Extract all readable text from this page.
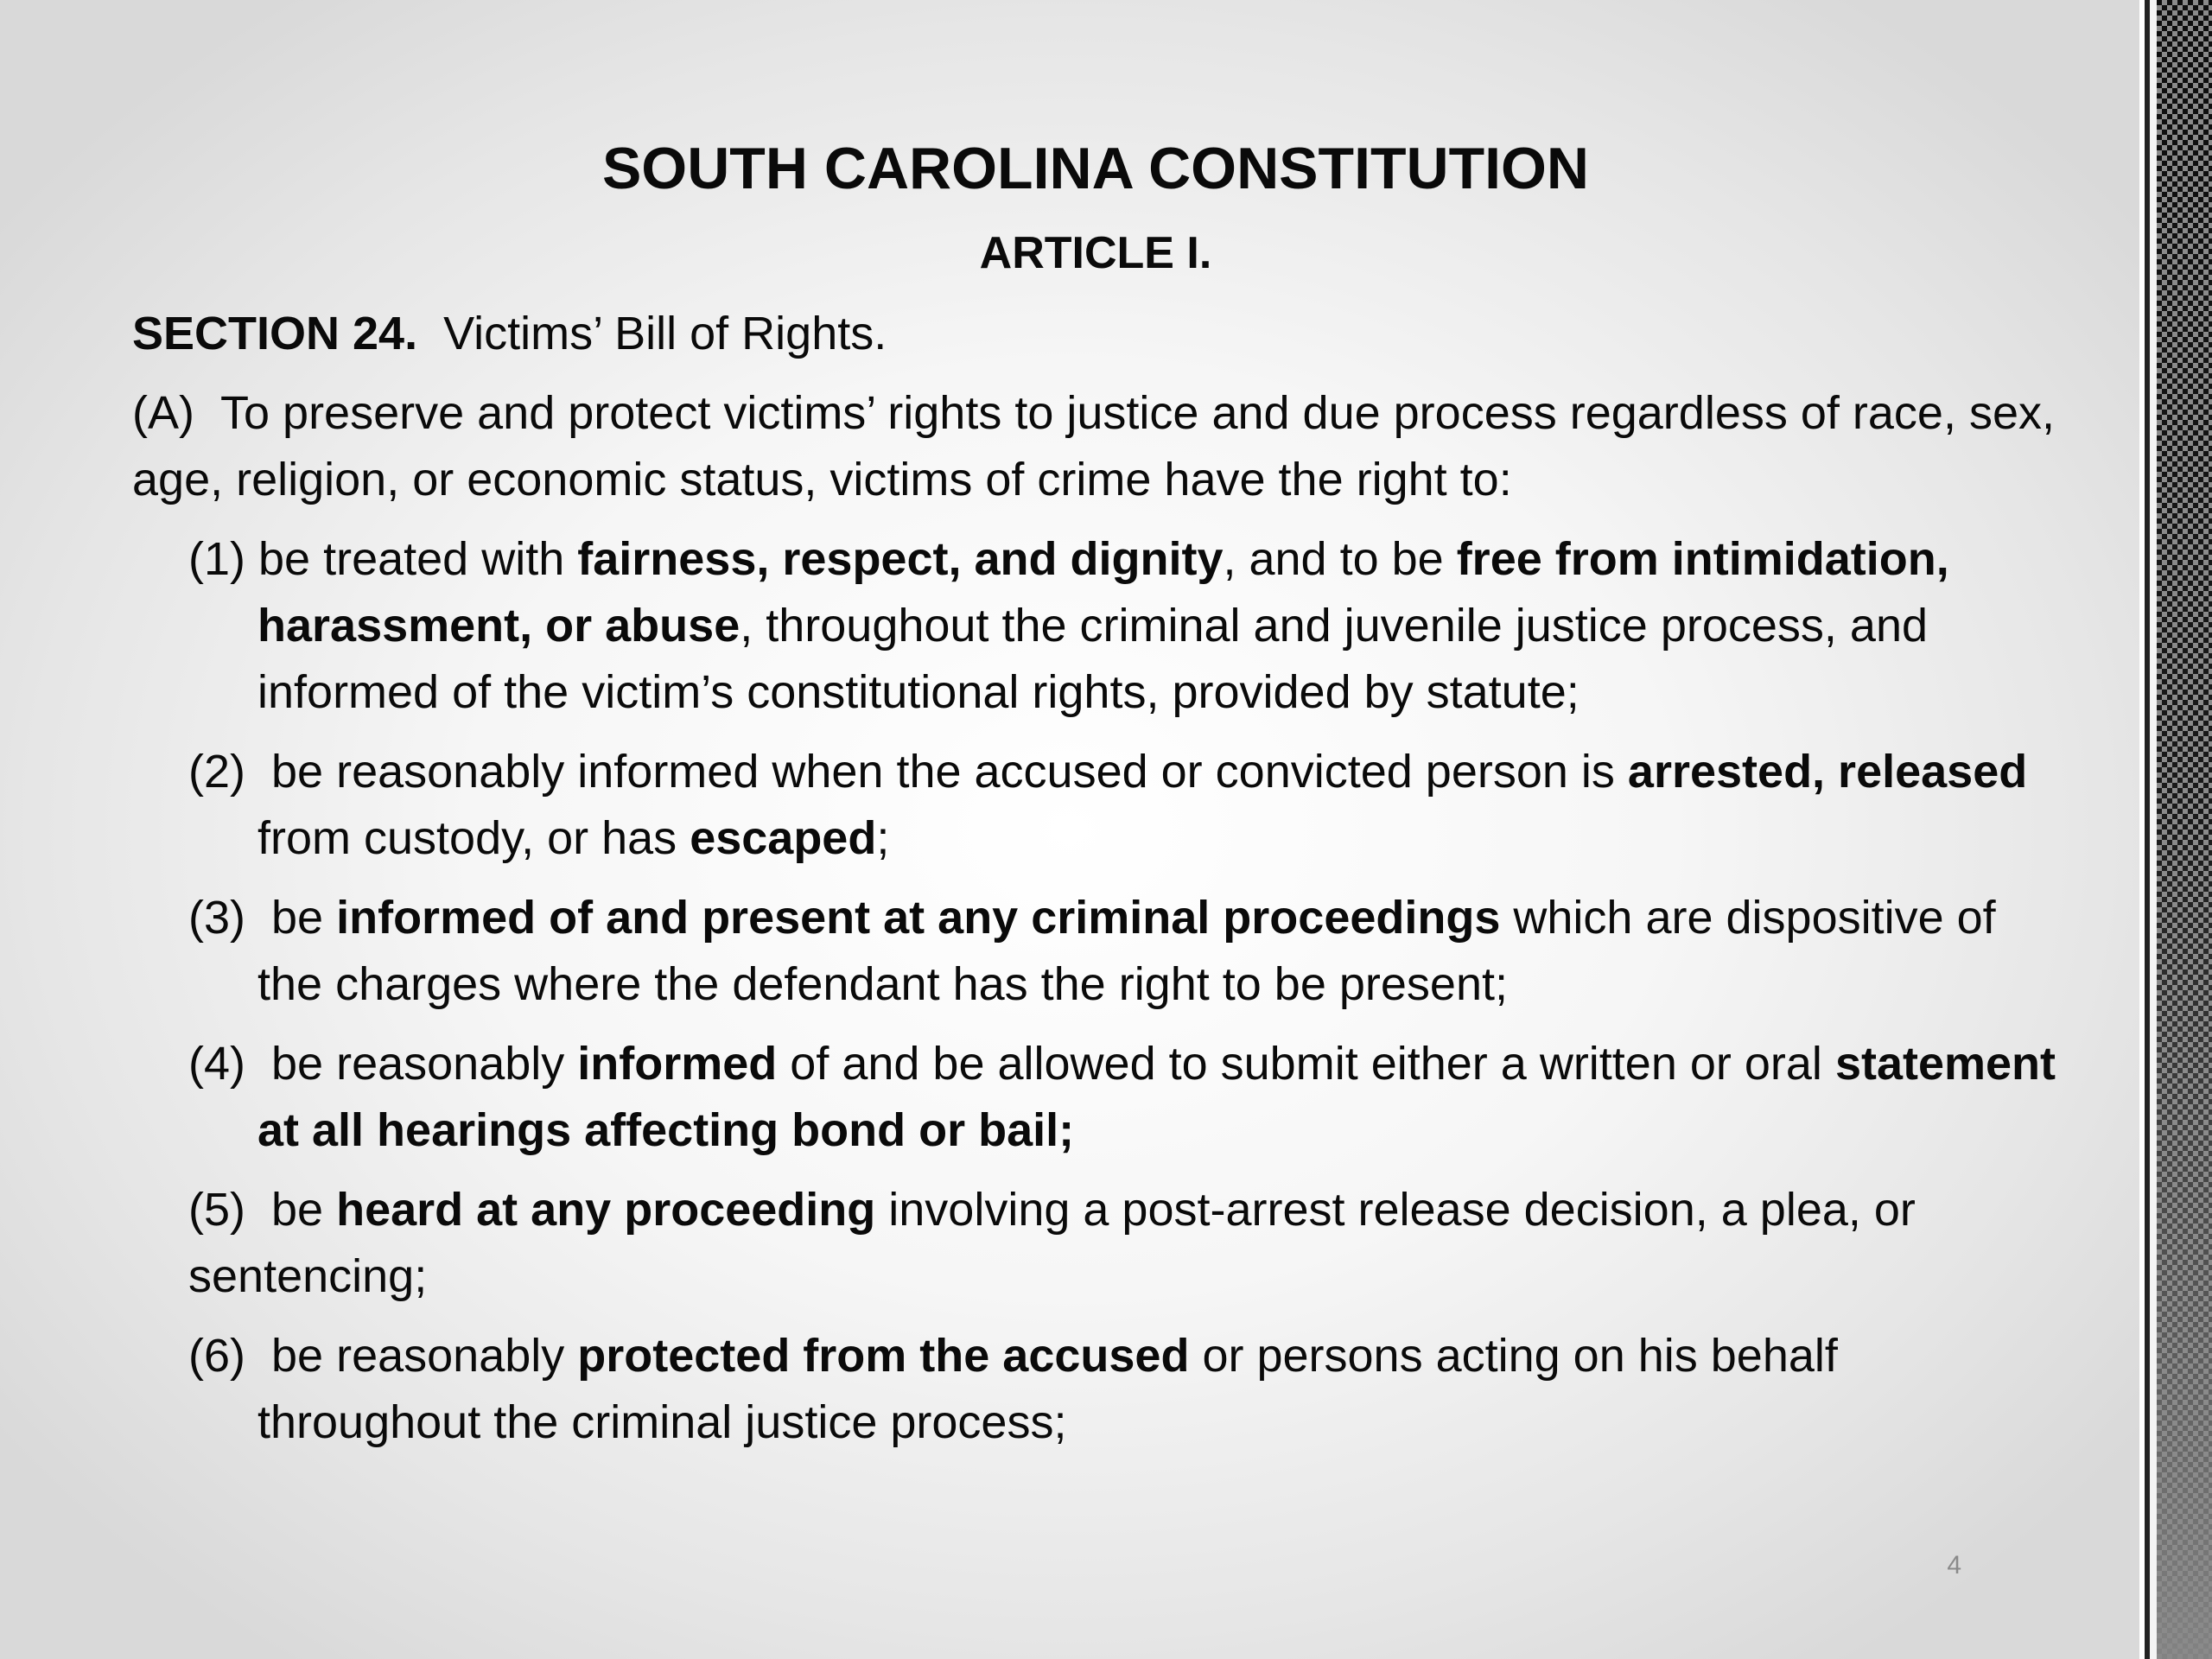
SOUTH CAROLINA CONSTITUTION
ARTICLE I.

SECTION 24. Victims’ Bill of Rights.

(A) To preserve and protect victims’ rights to justice and due process regardless of race, sex, age, religion, or economic status, victims of crime have the right to:

(1) be treated with fairness, respect, and dignity, and to be free from intimidation, harassment, or abuse, throughout the criminal and juvenile justice process, and informed of the victim’s constitutional rights, provided by statute;

(2) be reasonably informed when the accused or convicted person is arrested, released from custody, or has escaped;

(3) be informed of and present at any criminal proceedings which are dispositive of the charges where the defendant has the right to be present;

(4) be reasonably informed of and be allowed to submit either a written or oral statement at all hearings affecting bond or bail;

(5) be heard at any proceeding involving a post-arrest release decision, a plea, or sentencing;

(6) be reasonably protected from the accused or persons acting on his behalf throughout the criminal justice process;

4
